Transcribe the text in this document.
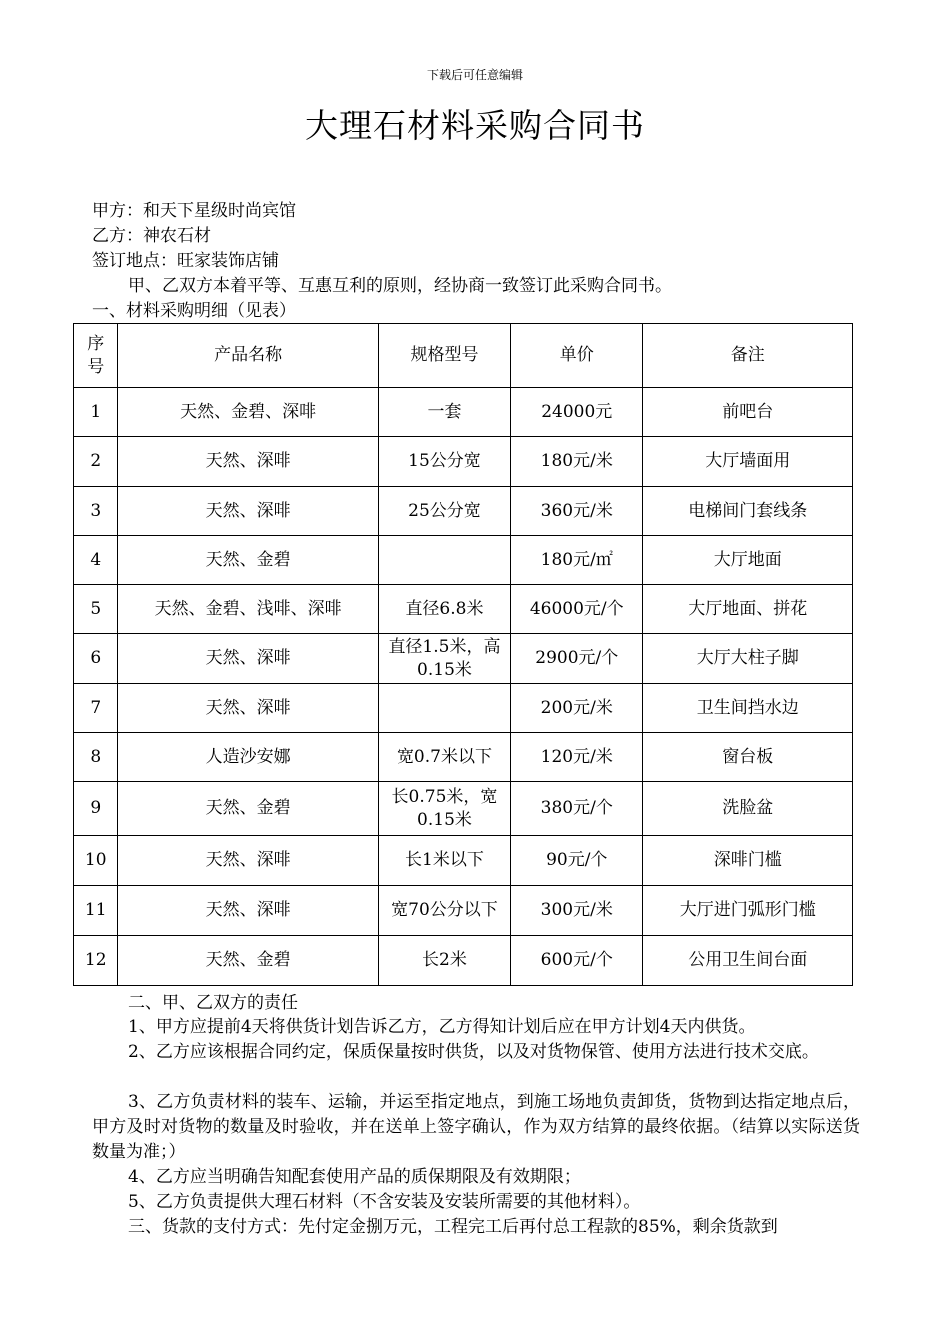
下载后可任意编辑
大理石材料采购合同书
甲方：和天下星级时尚宾馆
乙方：神农石材
签订地点：旺家装饰店铺
甲、乙双方本着平等、互惠互利的原则，经协商一致签订此采购合同书。
一、材料采购明细（见表）
序号	产品名称	规格型号	单价	备注
1	天然、金碧、深啡	一套	24000元	前吧台
2	天然、深啡	15公分宽	180元/米	大厅墙面用
3	天然、深啡	25公分宽	360元/米	电梯间门套线条
4	天然、金碧		180元/㎡	大厅地面
5	天然、金碧、浅啡、深啡	直径6.8米	46000元/个	大厅地面、拼花
6	天然、深啡	直径1.5米，高0.15米	2900元/个	大厅大柱子脚
7	天然、深啡		200元/米	卫生间挡水边
8	人造沙安娜	宽0.7米以下	120元/米	窗台板
9	天然、金碧	长0.75米，宽0.15米	380元/个	洗脸盆
10	天然、深啡	长1米以下	90元/个	深啡门槛
11	天然、深啡	宽70公分以下	300元/米	大厅进门弧形门槛
12	天然、金碧	长2米	600元/个	公用卫生间台面
二、甲、乙双方的责任
1、甲方应提前4天将供货计划告诉乙方，乙方得知计划后应在甲方计划4天内供货。
2、乙方应该根据合同约定，保质保量按时供货，以及对货物保管、使用方法进行技术交底。
3、乙方负责材料的装车、运输，并运至指定地点，到施工场地负责卸货，货物到达指定地点后，甲方及时对货物的数量及时验收，并在送单上签字确认，作为双方结算的最终依据。（结算以实际送货数量为准；）
4、乙方应当明确告知配套使用产品的质保期限及有效期限；
5、乙方负责提供大理石材料（不含安装及安装所需要的其他材料）。
三、货款的支付方式：先付定金捌万元，工程完工后再付总工程款的85%，剩余货款到
